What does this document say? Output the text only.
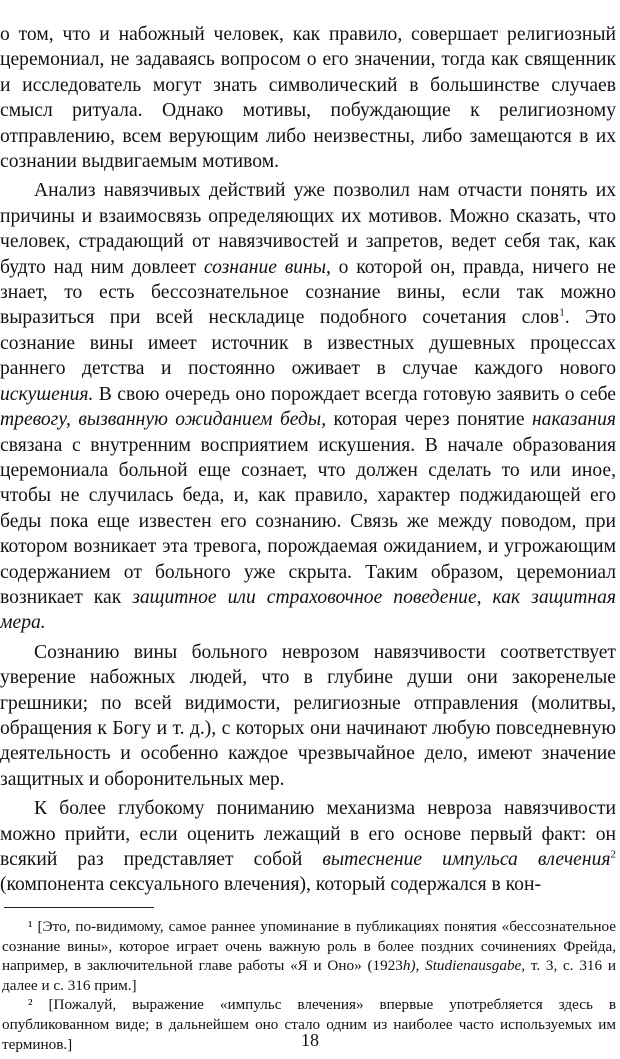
о том, что и набожный человек, как правило, совершает религиозный церемониал, не задаваясь вопросом о его значении, тогда как священник и исследователь могут знать символический в большинстве случаев смысл ритуала. Однако мотивы, побуждающие к религиозному отправлению, всем верующим либо неизвестны, либо замещаются в их сознании выдвигаемым мотивом.

Анализ навязчивых действий уже позволил нам отчасти понять их причины и взаимосвязь определяющих их мотивов. Можно сказать, что человек, страдающий от навязчивостей и запретов, ведет себя так, как будто над ним довлеет сознание вины, о которой он, правда, ничего не знает, то есть бессознательное сознание вины, если так можно выразиться при всей нескладице подобного сочетания слов$^1$. Это сознание вины имеет источник в известных душевных процессах раннего детства и постоянно оживает в случае каждого нового искушения. В свою очередь оно порождает всегда готовую заявить о себе тревогу, вызванную ожиданием беды, которая через понятие наказания связана с внутренним восприятием искушения. В начале образования церемониала больной еще сознает, что должен сделать то или иное, чтобы не случилась беда, и, как правило, характер поджидающей его беды пока еще известен его сознанию. Связь же между поводом, при котором возникает эта тревога, порождаемая ожиданием, и угрожающим содержанием от больного уже скрыта. Таким образом, церемониал возникает как защитное или страховочное поведение, как защитная мера.

Сознанию вины больного неврозом навязчивости соответствует уверение набожных людей, что в глубине души они закоренелые грешники; по всей видимости, религиозные отправления (молитвы, обращения к Богу и т. д.), с которых они начинают любую повседневную деятельность и особенно каждое чрезвычайное дело, имеют значение защитных и оборонительных мер.

К более глубокому пониманию механизма невроза навязчивости можно прийти, если оценить лежащий в его основе первый факт: он всякий раз представляет собой вытеснение импульса влечения$^2$ (компонента сексуального влечения), который содержался в кон-

¹ [Это, по-видимому, самое раннее упоминание в публикациях понятия «бессознательное сознание вины», которое играет очень важную роль в более поздних сочинениях Фрейда, например, в заключительной главе работы «Я и Оно» (1923h), Studienausgabe, т. 3, с. 316 и далее и с. 316 прим.]

² [Пожалуй, выражение «импульс влечения» впервые употребляется здесь в опубликованном виде; в дальнейшем оно стало одним из наиболее часто используемых им терминов.]	18
